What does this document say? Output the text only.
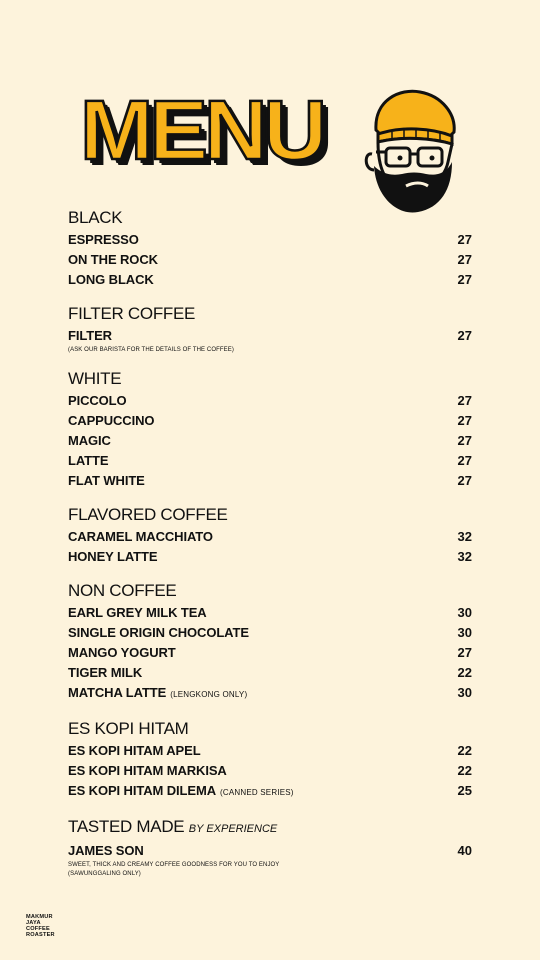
MENU
BLACK
ESPRESSO	27
ON THE ROCK	27
LONG BLACK	27
FILTER COFFEE
FILTER	27
(ASK OUR BARISTA FOR THE DETAILS OF THE COFFEE)
WHITE
PICCOLO	27
CAPPUCCINO	27
MAGIC	27
LATTE	27
FLAT WHITE	27
FLAVORED COFFEE
CARAMEL MACCHIATO	32
HONEY LATTE	32
NON COFFEE
EARL GREY MILK TEA	30
SINGLE ORIGIN CHOCOLATE	30
MANGO YOGURT	27
TIGER MILK	22
MATCHA LATTE (LENGKONG ONLY)	30
ES KOPI HITAM
ES KOPI HITAM APEL	22
ES KOPI HITAM MARKISA	22
ES KOPI HITAM DILEMA (CANNED SERIES)	25
TASTED MADE BY EXPERIENCE
JAMES SON	40
SWEET, THICK AND CREAMY COFFEE GOODNESS FOR YOU TO ENJOY
(SAWUNGGALING ONLY)
MAKMUR
JAYA
COFFEE
ROASTER
